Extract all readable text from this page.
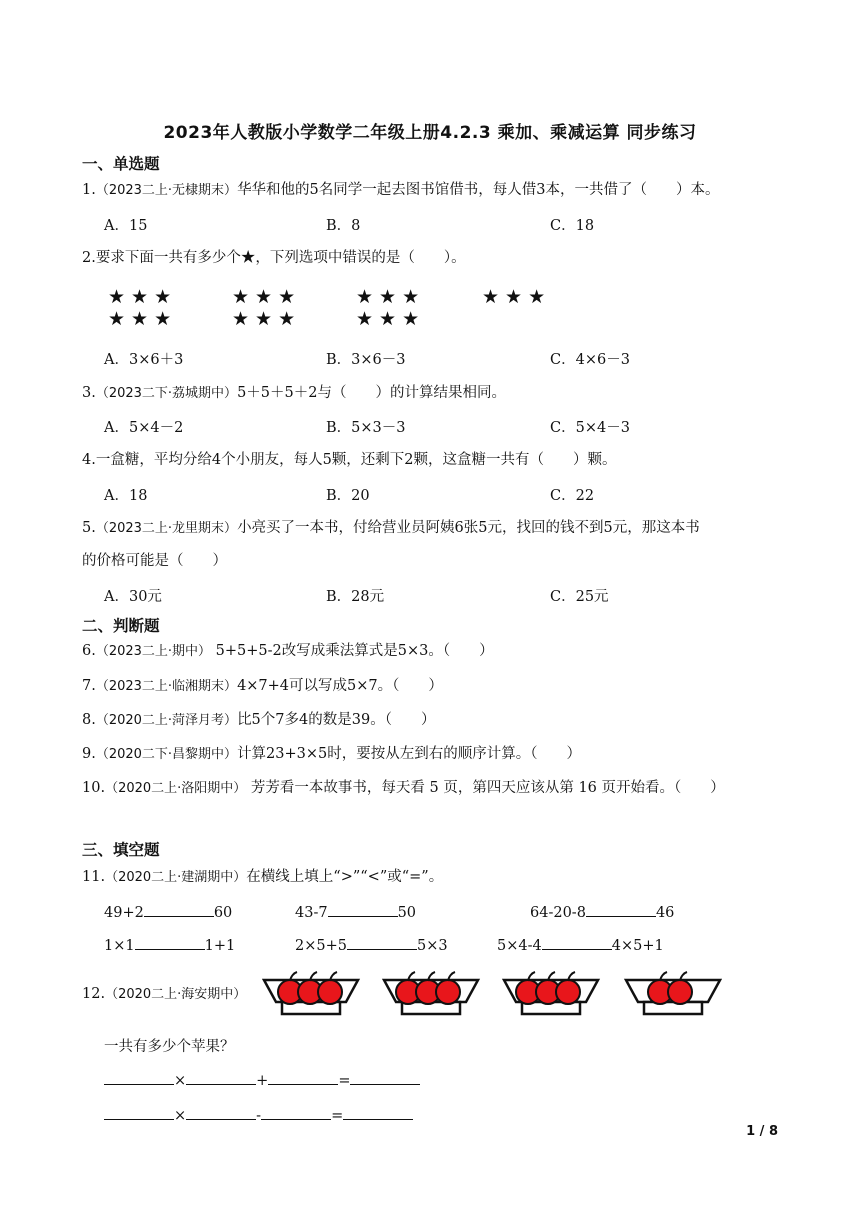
2023年人教版小学数学二年级上册4.2.3 乘加、乘减运算 同步练习
一、单选题
1.（2023二上·无棣期末）华华和他的5名同学一起去图书馆借书，每人借3本，一共借了（　　）本。
A．15	B．8	C．18
2.要求下面一共有多少个★，下列选项中错误的是（　　）。
★★★
★★★
★★★
★★★
★★★
★★★
★★★
A．3×6＋3	B．3×6－3	C．4×6－3
3.（2023二下·荔城期中）5＋5＋5＋2与（　　）的计算结果相同。
A．5×4－2	B．5×3－3	C．5×4－3
4.一盒糖，平均分给4个小朋友，每人5颗，还剩下2颗，这盒糖一共有（　　）颗。
A．18	B．20	C．22
5.（2023二上·龙里期末）小亮买了一本书，付给营业员阿姨6张5元，找回的钱不到5元，那这本书
的价格可能是（　　）
A．30元	B．28元	C．25元
二、判断题
6.（2023二上·期中） 5+5+5-2改写成乘法算式是5×3。（　　）
7.（2023二上·临湘期末）4×7+4可以写成5×7。（　　）
8.（2020二上·菏泽月考）比5个7多4的数是39。（　　）
9.（2020二下·昌黎期中）计算23+3×5时，要按从左到右的顺序计算。（　　）
10.（2020二上·洛阳期中） 芳芳看一本故事书，每天看 5 页，第四天应该从第 16 页开始看。（　　）
三、填空题
11.（2020二上·建湖期中）在横线上填上“>”“<”或“=”。
49+2	60	43-7	50	64-20-8	46
1×1	1+1	2×5+5	5×3	5×4-4	4×5+1
12.（2020二上·海安期中）
一共有多少个苹果？
×	+	=
×	-	=
1 / 8
